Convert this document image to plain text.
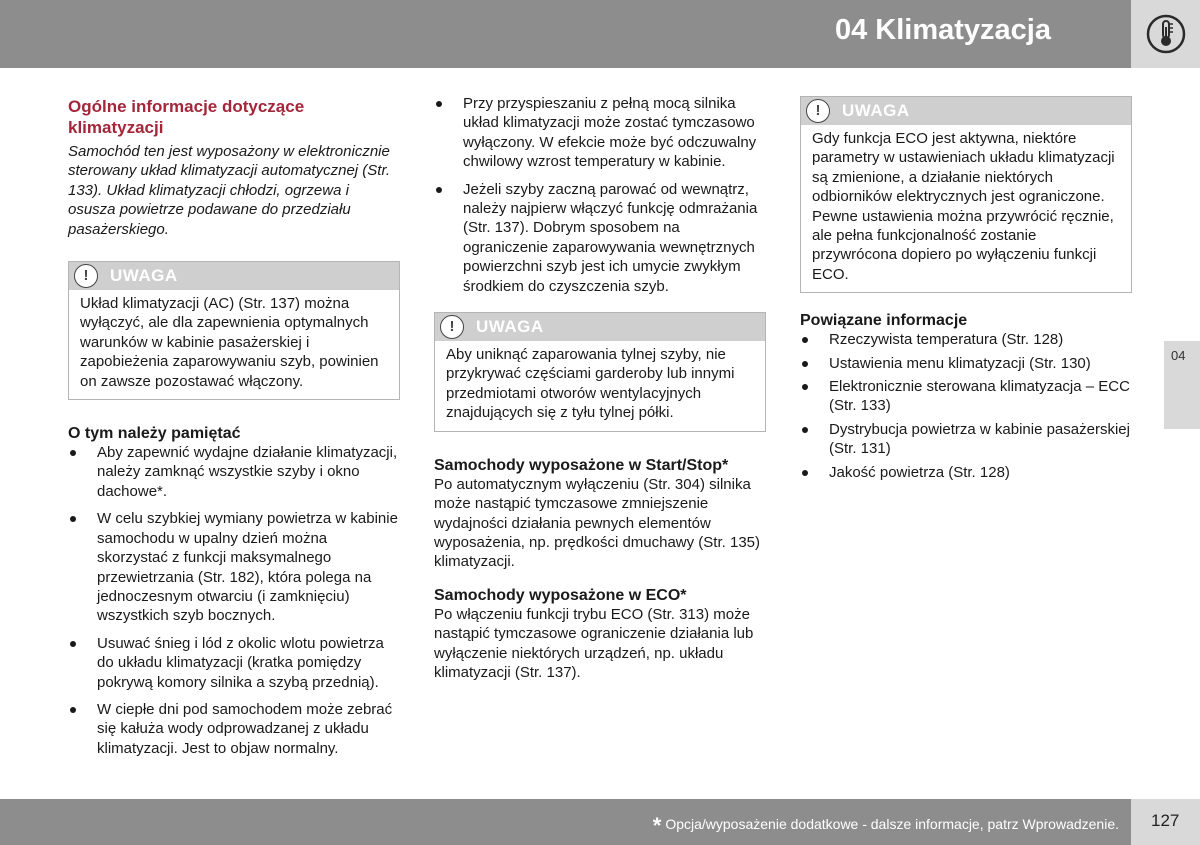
04 Klimatyzacja
Ogólne informacje dotyczące klimatyzacji

Samochód ten jest wyposażony w elektronicznie sterowany układ klimatyzacji automatycznej (Str. 133). Układ klimatyzacji chłodzi, ogrzewa i osusza powietrze podawane do przedziału pasażerskiego.

!	UWAGA
Układ klimatyzacji (AC) (Str. 137) można wyłączyć, ale dla zapewnienia optymalnych warunków w kabinie pasażerskiej i zapobieżenia zaparowywaniu szyb, powinien on zawsze pozostawać włączony.
O tym należy pamiętać
Aby zapewnić wydajne działanie klimatyzacji, należy zamknąć wszystkie szyby i okno dachowe*.
W celu szybkiej wymiany powietrza w kabinie samochodu w upalny dzień można skorzystać z funkcji maksymalnego przewietrzania (Str. 182), która polega na jednoczesnym otwarciu (i zamknięciu) wszystkich szyb bocznych.
Usuwać śnieg i lód z okolic wlotu powietrza do układu klimatyzacji (kratka pomiędzy pokrywą komory silnika a szybą przednią).
W ciepłe dni pod samochodem może zebrać się kałuża wody odprowadzanej z układu klimatyzacji. Jest to objaw normalny.
Przy przyspieszaniu z pełną mocą silnika układ klimatyzacji może zostać tymczasowo wyłączony. W efekcie może być odczuwalny chwilowy wzrost temperatury w kabinie.
Jeżeli szyby zaczną parować od wewnątrz, należy najpierw włączyć funkcję odmrażania (Str. 137). Dobrym sposobem na ograniczenie zaparowywania wewnętrznych powierzchni szyb jest ich umycie zwykłym środkiem do czyszczenia szyb.
!	UWAGA
Aby uniknąć zaparowania tylnej szyby, nie przykrywać częściami garderoby lub innymi przedmiotami otworów wentylacyjnych znajdujących się z tyłu tylnej półki.
Samochody wyposażone w Start/Stop*

Po automatycznym wyłączeniu (Str. 304) silnika może nastąpić tymczasowe zmniejszenie wydajności działania pewnych elementów wyposażenia, np. prędkości dmuchawy (Str. 135) klimatyzacji.

Samochody wyposażone w ECO*

Po włączeniu funkcji trybu ECO (Str. 313) może nastąpić tymczasowe ograniczenie działania lub wyłączenie niektórych urządzeń, np. układu klimatyzacji (Str. 137).

!	UWAGA
Gdy funkcja ECO jest aktywna, niektóre parametry w ustawieniach układu klimatyzacji są zmienione, a działanie niektórych odbiorników elektrycznych jest ograniczone. Pewne ustawienia można przywrócić ręcznie, ale pełna funkcjonalność zostanie przywrócona dopiero po wyłączeniu funkcji ECO.
Powiązane informacje
Rzeczywista temperatura (Str. 128)
Ustawienia menu klimatyzacji (Str. 130)
Elektronicznie sterowana klimatyzacja – ECC (Str. 133)
Dystrybucja powietrza w kabinie pasażerskiej (Str. 131)
Jakość powietrza (Str. 128)
04
* Opcja/wyposażenie dodatkowe - dalsze informacje, patrz Wprowadzenie. 127
